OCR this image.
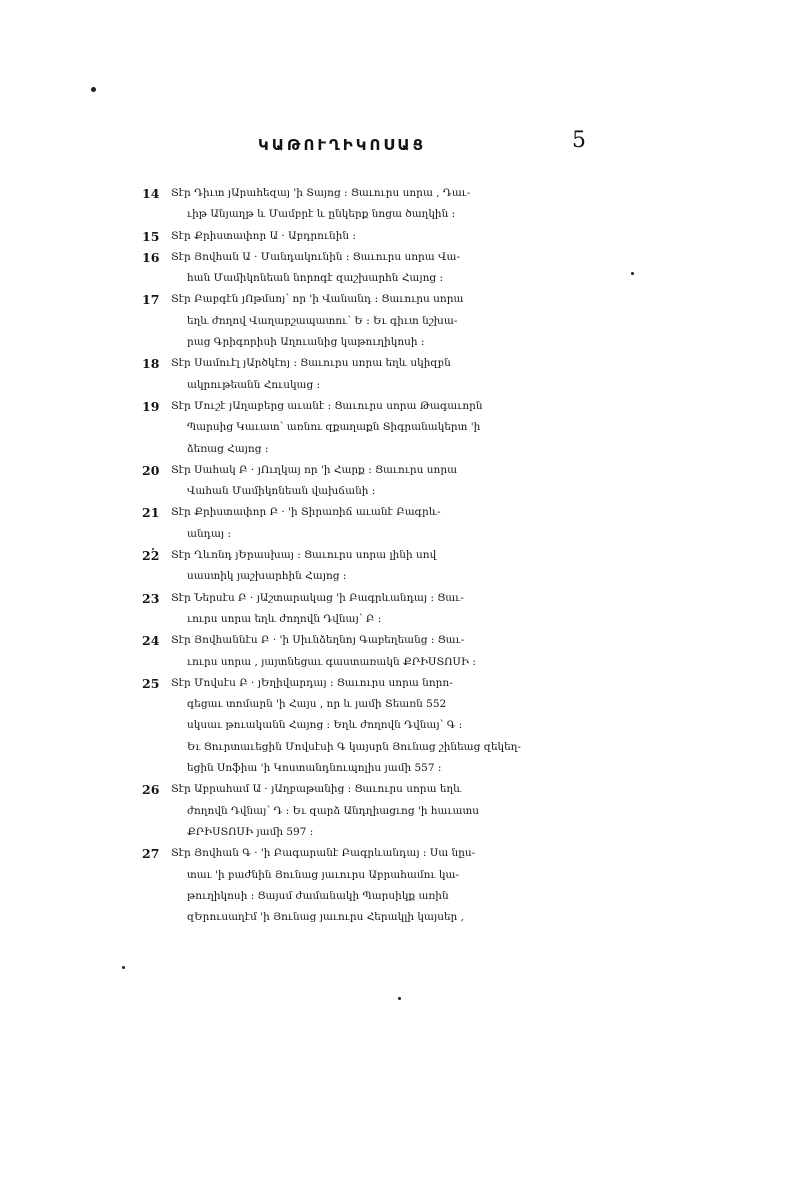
ԿԱԹՈՒՂԻԿՈՍԱՑ	5
14 Տէր Դիւտ յԱրահեզայ 'ի Տայոց ։ Ցաւուրս սորա , Դաւ-
ւիթ Անյաղթ և Մամբրէ և ընկերք նոցա ծաղկին ։
15 Տէր Քրիստափոր Ա · Աբդրունին ։
16 Տէր Յովհան Ա · Մանդակունին ։ Ցաւուրս սորա Վա-
հան Մամիկոնեան նորոգէ զաշխարհն Հայոց ։
17 Տէր Բաբգէն յՈթմսոյ՝ որ 'ի Վանանդ ։ Ցաւուրս սորա
եղև ժողով Վաղարշապատու՝ Ե ։ Եւ գիւտ նշխա-
րաց Գրիգորիսի Աղուանից կաթուղիկոսի ։
18 Տէր Սամուէլ յԱրծկէոյ ։ Ցաւուրս սորա եղև սկիզբն
ակրութեանն Հուսկաց ։
19 Տէր Մուշէ յԱղաբերց աւանէ ։ Ցաւուրս սորա Թագաւորն
Պարսից Կաւատ՝ առնու զքաղաքն Տիգրանակերտ 'ի
ձեռաց Հայոց ։
20 Տէր Սահակ Բ · յՈւղկայ որ 'ի Հարք ։ Ցաւուրս սորա
Վահան Մամիկոնեան վախճանի ։
21 Տէր Քրիստափոր Բ · 'ի Տիրառիճ աւանէ Բագրև-
անդայ ։
22 Տէր Ղևոնդ յԵրասխայ ։ Ցաւուրս սորա լինի սով
սաստիկ յաշխարհին Հայոց ։
23 Տէր Ներսէս Բ · յԱշտարակաց 'ի Բագրևանդայ ։ Ցաւ-
ւուրս սորա եղև ժողովն Դվնայ՝ Բ ։
24 Տէր Յովհաննէս Բ · 'ի Սիւնձեղնոյ Գաբեղեանց ։ Ցաւ-
ւուրս սորա , յայտնեցաւ գաստառակն ՔՐԻՍՏՈՍԻ ։
25 Տէր Մովսէս Բ · յԵղիվարդայ ։ Ցաւուրս սորա նորո-
գեցաւ տոմարն 'ի Հայս , որ և յամի Տեառն 552
սկսաւ թուականն Հայոց ։ Եղև ժողովն Դվնայ՝ Գ ։
Եւ Ցուրտաւեցին Մովսէսի Գ կայսրն Յունաց շինեաց զեկեղ-
եցին Սոֆիա 'ի Կոստանդնուպոլիս յամի 557 ։
26 Տէր Աբրահամ Ա · յԱղբաթանից ։ Ցաւուրս սորա եղև
ժողովն Դվնայ՝ Դ ։ Եւ զարձ Անդղիացւոց 'ի հաւատս
ՔՐԻՍՏՈՍԻ յամի 597 ։
27 Տէր Յովհան Գ · 'ի Բագարանէ Բագրևանդայ ։ Սա նըս-
տաւ 'ի բաժնին Յունաց յաւուրս Աբրահամու կա-
թուղիկոսի ։ Ցայսմ ժամանակի Պարսիկք առին
զԵրուսաղէմ 'ի Յունաց յաւուրս Հերակլի կայսեր ,
